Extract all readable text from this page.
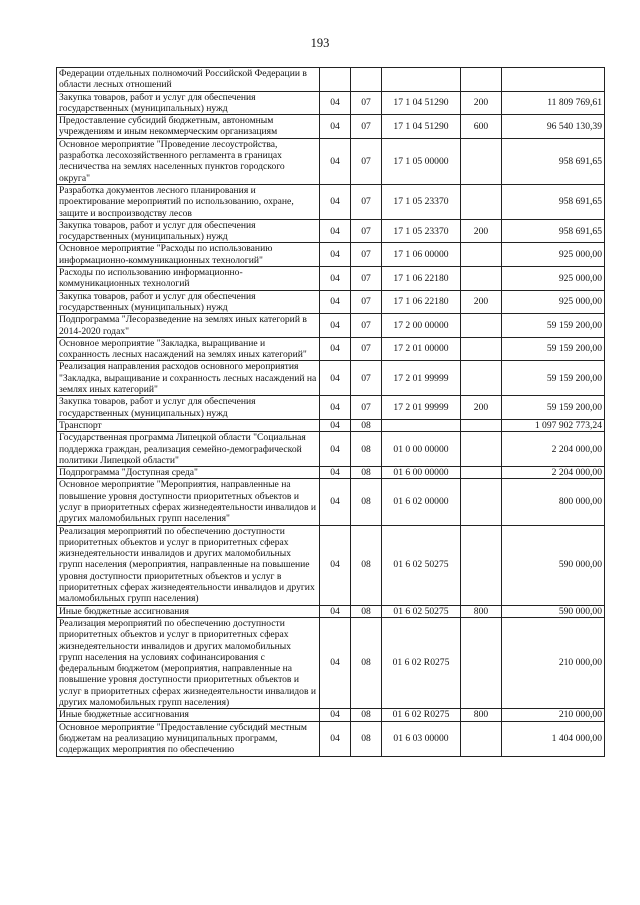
193
Федерации отдельных полномочий Российской Федерации в области лесных отношений					
Закупка товаров, работ и услуг для обеспечения государственных (муниципальных) нужд	04	07	17 1 04 51290	200	11 809 769,61
Предоставление субсидий бюджетным, автономным учреждениям и иным некоммерческим организациям	04	07	17 1 04 51290	600	96 540 130,39
Основное мероприятие "Проведение лесоустройства, разработка лесохозяйственного регламента в границах лесничества на землях населенных пунктов городского округа"	04	07	17 1 05 00000		958 691,65
Разработка документов лесного планирования и проектирование мероприятий по использованию, охране, защите и воспроизводству лесов	04	07	17 1 05 23370		958 691,65
Закупка товаров, работ и услуг для обеспечения государственных (муниципальных) нужд	04	07	17 1 05 23370	200	958 691,65
Основное мероприятие "Расходы по использованию информационно-коммуникационных технологий"	04	07	17 1 06 00000		925 000,00
Расходы по использованию информационно-коммуникационных технологий	04	07	17 1 06 22180		925 000,00
Закупка товаров, работ и услуг для обеспечения государственных (муниципальных) нужд	04	07	17 1 06 22180	200	925 000,00
Подпрограмма "Лесоразведение на землях иных категорий в 2014-2020 годах"	04	07	17 2 00 00000		59 159 200,00
Основное мероприятие "Закладка, выращивание и сохранность лесных насаждений на землях иных категорий"	04	07	17 2 01 00000		59 159 200,00
Реализация направления расходов основного мероприятия "Закладка, выращивание и сохранность лесных насаждений на землях иных категорий"	04	07	17 2 01 99999		59 159 200,00
Закупка товаров, работ и услуг для обеспечения государственных (муниципальных) нужд	04	07	17 2 01 99999	200	59 159 200,00
Транспорт	04	08			1 097 902 773,24
Государственная программа Липецкой области "Социальная поддержка граждан, реализация семейно-демографической политики Липецкой области"	04	08	01 0 00 00000		2 204 000,00
Подпрограмма "Доступная среда"	04	08	01 6 00 00000		2 204 000,00
Основное мероприятие "Мероприятия, направленные на повышение уровня доступности приоритетных объектов и услуг в приоритетных сферах жизнедеятельности инвалидов и других маломобильных групп населения"	04	08	01 6 02 00000		800 000,00
Реализация мероприятий по обеспечению доступности приоритетных объектов и услуг в приоритетных сферах жизнедеятельности инвалидов и других маломобильных групп населения (мероприятия, направленные на повышение уровня доступности приоритетных объектов и услуг в приоритетных сферах жизнедеятельности инвалидов и других маломобильных групп населения)	04	08	01 6 02 50275		590 000,00
Иные бюджетные ассигнования	04	08	01 6 02 50275	800	590 000,00
Реализация мероприятий по обеспечению доступности приоритетных объектов и услуг в приоритетных сферах жизнедеятельности инвалидов и других маломобильных групп населения на условиях софинансирования с федеральным бюджетом (мероприятия, направленные на повышение уровня доступности приоритетных объектов и услуг в приоритетных сферах жизнедеятельности инвалидов и других маломобильных групп населения)	04	08	01 6 02 R0275		210 000,00
Иные бюджетные ассигнования	04	08	01 6 02 R0275	800	210 000,00
Основное мероприятие "Предоставление субсидий местным бюджетам на реализацию муниципальных программ, содержащих мероприятия по обеспечению	04	08	01 6 03 00000		1 404 000,00
